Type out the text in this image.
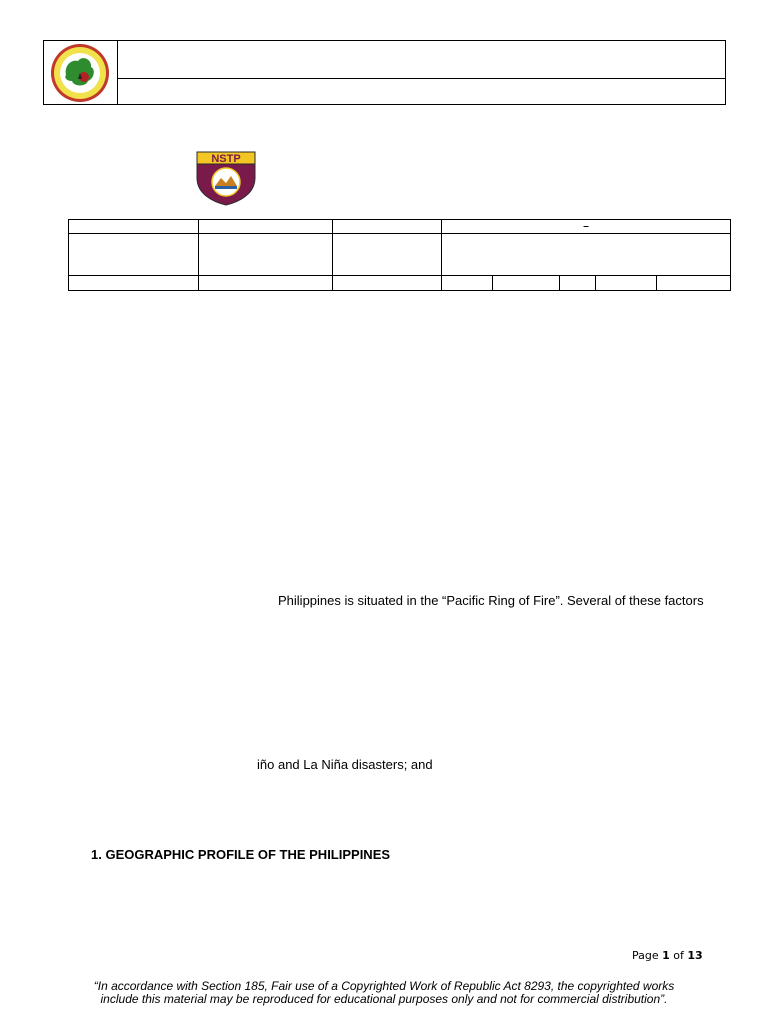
NSTP
			–				

Philippines is situated in the “Pacific Ring of Fire”. Several of these factors
iño and La Niña disasters; and
1. GEOGRAPHIC PROFILE OF THE PHILIPPINES
Page 1 of 13
“In accordance with Section 185, Fair use of a Copyrighted Work of Republic Act 8293, the copyrighted works
include this material may be reproduced for educational purposes only and not for commercial distribution”.
